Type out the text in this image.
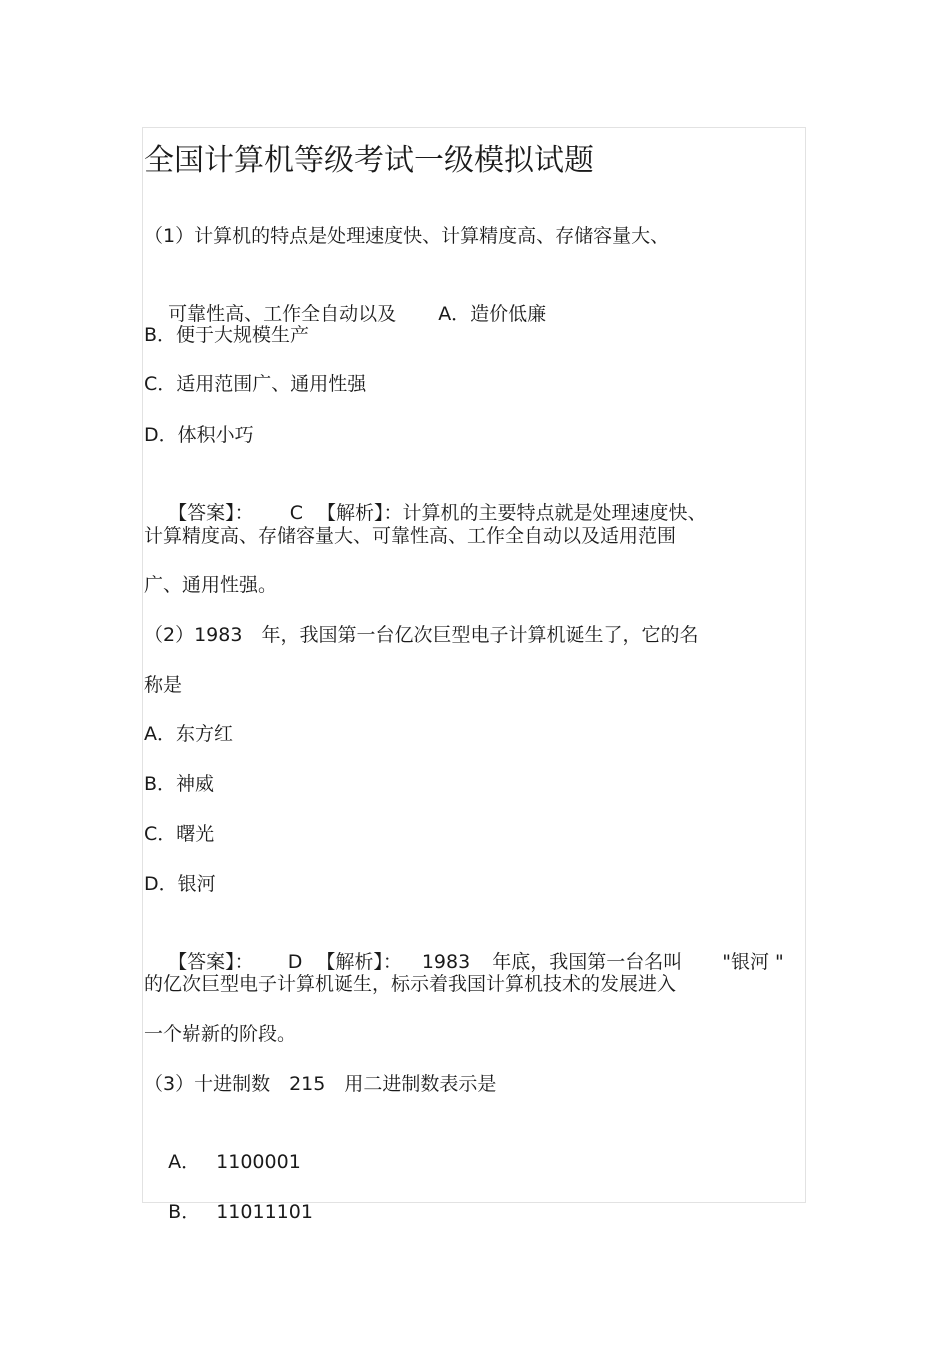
全国计算机等级考试一级模拟试题
（1）计算机的特点是处理速度快、计算精度高、存储容量大、

可靠性高、工作全自动以及 A．造价低廉

B．便于大规模生产
C．适用范围广、通用性强
D．体积小巧

【答案】： C 【解析】：计算机的主要特点就是处理速度快、

计算精度高、存储容量大、可靠性高、工作全自动以及适用范围
广、通用性强。
（2）1983　年，我国第一台亿次巨型电子计算机诞生了，它的名
称是
A．东方红
B．神威
C．曙光
D．银河

【答案】： D 【解析】： 1983 年底，我国第一台名叫 "银河 "

的亿次巨型电子计算机诞生，标示着我国计算机技术的发展进入
一个崭新的阶段。
（3）十进制数　215　用二进制数表示是

A． 1100001

B． 11011101
